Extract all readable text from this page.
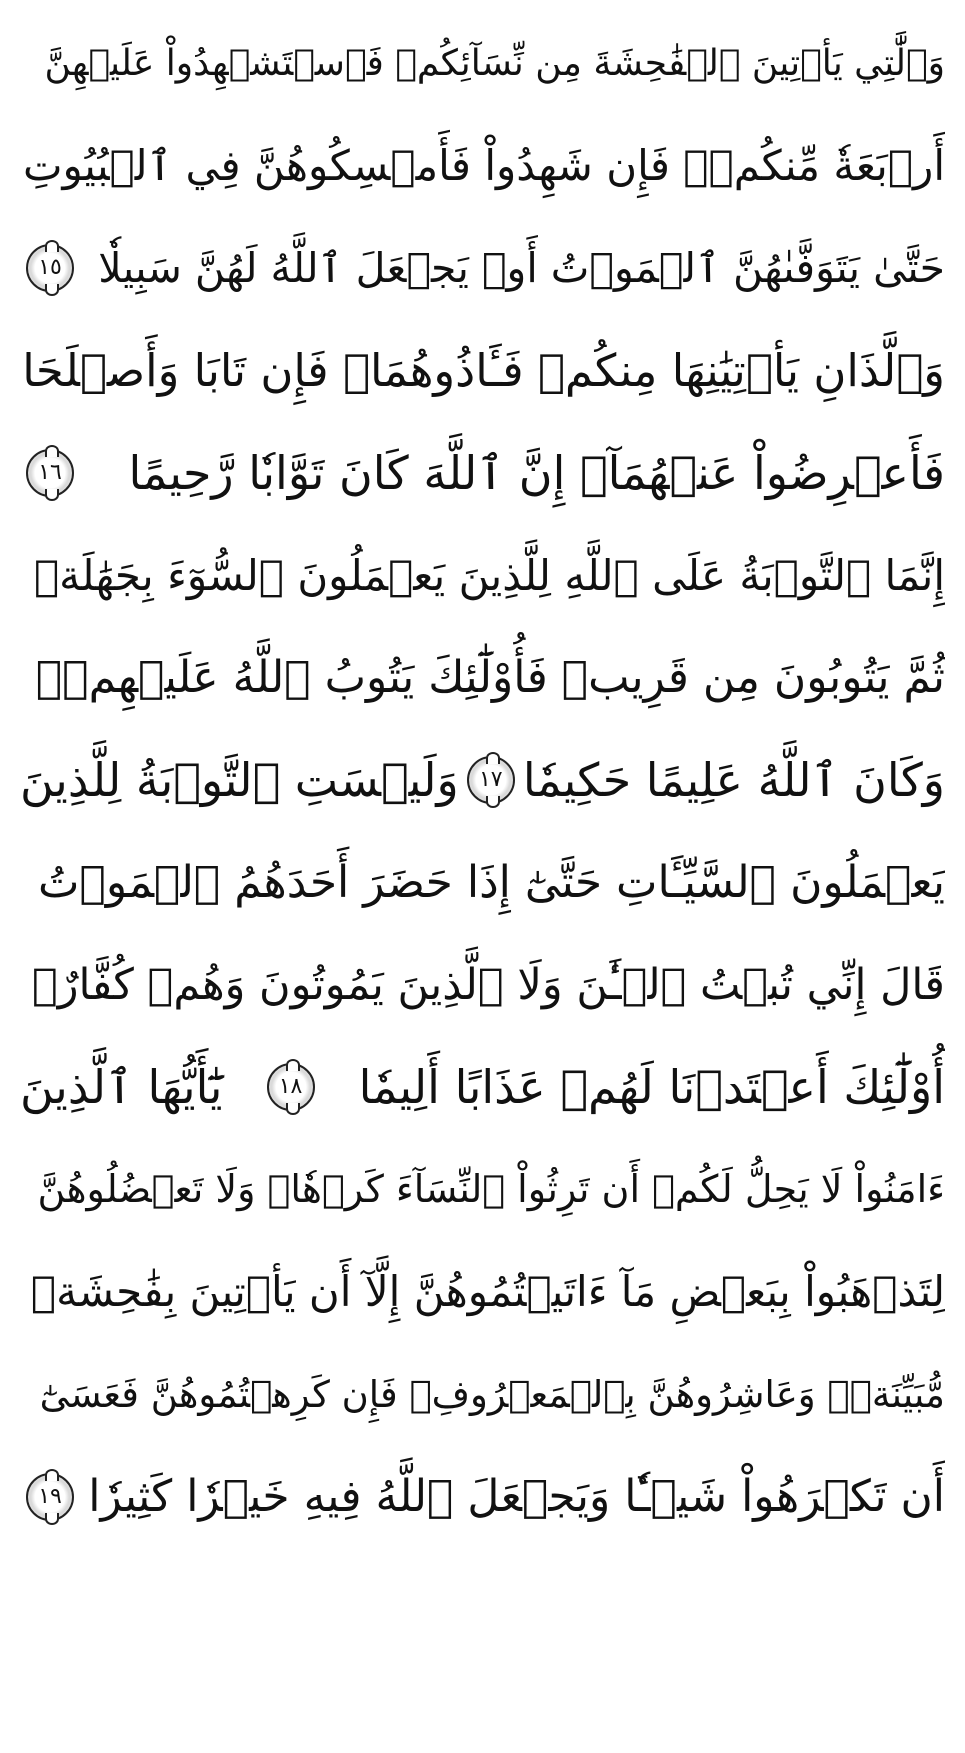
وَٱلَّٰتِي يَأۡتِينَ ٱلۡفَٰحِشَةَ مِن نِّسَآئِكُمۡ فَٱسۡتَشۡهِدُواْ عَلَيۡهِنَّ
أَرۡبَعَةٗ مِّنكُمۡۖ فَإِن شَهِدُواْ فَأَمۡسِكُوهُنَّ فِي ٱلۡبُيُوتِ
حَتَّىٰ يَتَوَفَّىٰهُنَّ ٱلۡمَوۡتُ أَوۡ يَجۡعَلَ ٱللَّهُ لَهُنَّ سَبِيلٗا
١٥
وَٱلَّذَانِ يَأۡتِيَٰنِهَا مِنكُمۡ فَـَٔاذُوهُمَاۖ فَإِن تَابَا وَأَصۡلَحَا
فَأَعۡرِضُواْ عَنۡهُمَآۗ إِنَّ ٱللَّهَ كَانَ تَوَّابٗا رَّحِيمًا
١٦
إِنَّمَا ٱلتَّوۡبَةُ عَلَى ٱللَّهِ لِلَّذِينَ يَعۡمَلُونَ ٱلسُّوٓءَ بِجَهَٰلَةٖ
ثُمَّ يَتُوبُونَ مِن قَرِيبٖ فَأُوْلَٰٓئِكَ يَتُوبُ ٱللَّهُ عَلَيۡهِمۡۗ
وَكَانَ ٱللَّهُ عَلِيمًا حَكِيمٗا
١٧
وَلَيۡسَتِ ٱلتَّوۡبَةُ لِلَّذِينَ
يَعۡمَلُونَ ٱلسَّيِّـَٔاتِ حَتَّىٰٓ إِذَا حَضَرَ أَحَدَهُمُ ٱلۡمَوۡتُ
قَالَ إِنِّي تُبۡتُ ٱلۡـَٰٔنَ وَلَا ٱلَّذِينَ يَمُوتُونَ وَهُمۡ كُفَّارٌۚ
أُوْلَٰٓئِكَ أَعۡتَدۡنَا لَهُمۡ عَذَابًا أَلِيمٗا
١٨
يَٰٓأَيُّهَا ٱلَّذِينَ
ءَامَنُواْ لَا يَحِلُّ لَكُمۡ أَن تَرِثُواْ ٱلنِّسَآءَ كَرۡهٗاۖ وَلَا تَعۡضُلُوهُنَّ
لِتَذۡهَبُواْ بِبَعۡضِ مَآ ءَاتَيۡتُمُوهُنَّ إِلَّآ أَن يَأۡتِينَ بِفَٰحِشَةٖ
مُّبَيِّنَةٖۚ وَعَاشِرُوهُنَّ بِٱلۡمَعۡرُوفِۚ فَإِن كَرِهۡتُمُوهُنَّ فَعَسَىٰٓ
أَن تَكۡرَهُواْ شَيۡـٔٗا وَيَجۡعَلَ ٱللَّهُ فِيهِ خَيۡرٗا كَثِيرٗا
١٩
